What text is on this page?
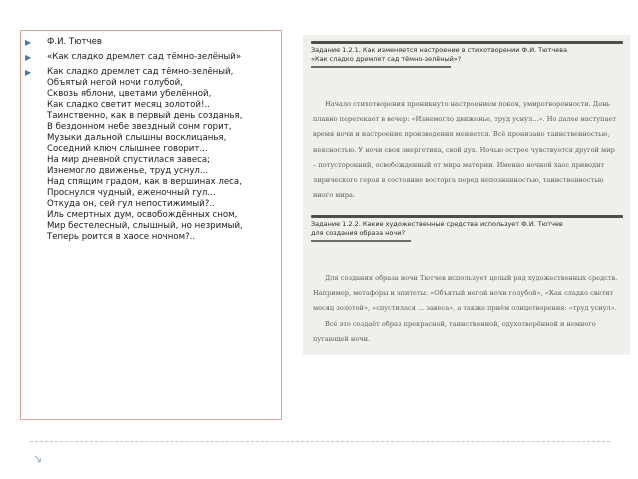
▶ Ф.И. Тютчев
▶ «Как сладко дремлет сад тёмно-зелёный»
▶ Как сладко дремлет сад тёмно-зелёный,
Объятый негой ночи голубой,
Сквозь яблони, цветами убелённой,
Как сладко светит месяц золотой!..
Таинственно, как в первый день созданья,
В бездонном небе звездный сонм горит,
Музыки дальной слышны восклицанья,
Соседний ключ слышнее говорит...
На мир дневной спустилася завеса;
Изнемогло движенье, труд уснул...
Над спящим градом, как в вершинах леса,
Проснулся чудный, еженочный гул...
Откуда он, сей гул непостижимый?..
Иль смертных дум, освобождённых сном,
Мир бестелесный, слышный, но незримый,
Теперь роится в хаосе ночном?..
Задание 1.2.1. Как изменяется настроение в стихотворении Ф.И. Тютчева
«Как сладко дремлет сад тёмно-зелёный»?
Начало стихотворения проникнуто настроением покоя, умиротворенности. День
плавно перетекает в вечер: «Изнемогло движенье, труд уснул...». Но далее наступает
время ночи и настроение произведения меняется. Всё пронизано таинственностью,
неясностью. У ночи своя энергетика, свой дух. Ночью острее чувствуется другой мир
– потусторонний, освобожденный от мира материи. Именно ночной хаос приводит
лирического героя в состояние восторга перед непознанностью, таинственностью
иного мира.
Задание 1.2.2. Какие художественные средства использует Ф.И. Тютчев
для создания образа ночи?
Для создания образа ночи Тютчев использует целый ряд художественных средств.
Например, метафоры и эпитеты: «Объятый негой ночи голубой», «Как сладко светит
месяц золотой», «спустилася ... завеса», а также приём олицетворения: «труд уснул».
Всё это создаёт образ прекрасной, таинственной, одухотворённой и немного
пугающей ночи.
↘
